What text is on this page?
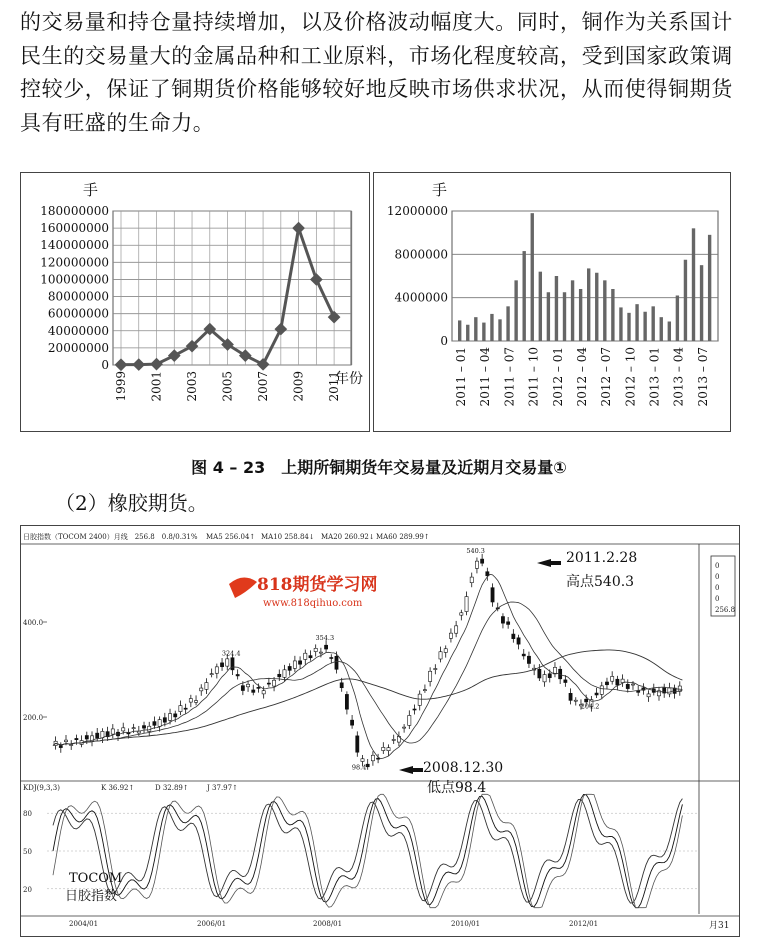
的交易量和持仓量持续增加，以及价格波动幅度大。同时，铜作为关系国计民生的交易量大的金属品种和工业原料，市场化程度较高，受到国家政策调控较少，保证了铜期货价格能够较好地反映市场供求状况，从而使得铜期货具有旺盛的生命力。

0
20000000
40000000
60000000
80000000
100000000
120000000
140000000
160000000
180000000
手
1999 2001 2003 2005 2007 2009 2011
年份
0
4000000
8000000
12000000
手
2011 – 01 2011 – 04 2011 – 07 2011 – 10 2012 – 01 2012 – 04 2012 – 07 2012 – 10 2013 – 01 2013 – 04 2013 – 07
图 4 – 23　上期所铜期货年交易量及近期月交易量①
（2）橡胶期货。
日胶指数（TOCOM 2400）月线　256.8　0.8/0.31% MA5 256.04↑ MA10 258.84↓ MA20 260.92↓ MA60 289.99↑
0
0
0
0
256.8
400.0
200.0
540.3
354.3
324.4
98.4
204.2
2011.2.28
高点540.3
2008.12.30
低点98.4
818期货学习网
www.818qihuo.com
KDJ(9,3,3)	K 36.92↑	D 32.89↑	J 37.97↑
80
50
20
TOCOM
日胶指数
2004/01	2006/01	2008/01	2010/01	2012/01	月31
